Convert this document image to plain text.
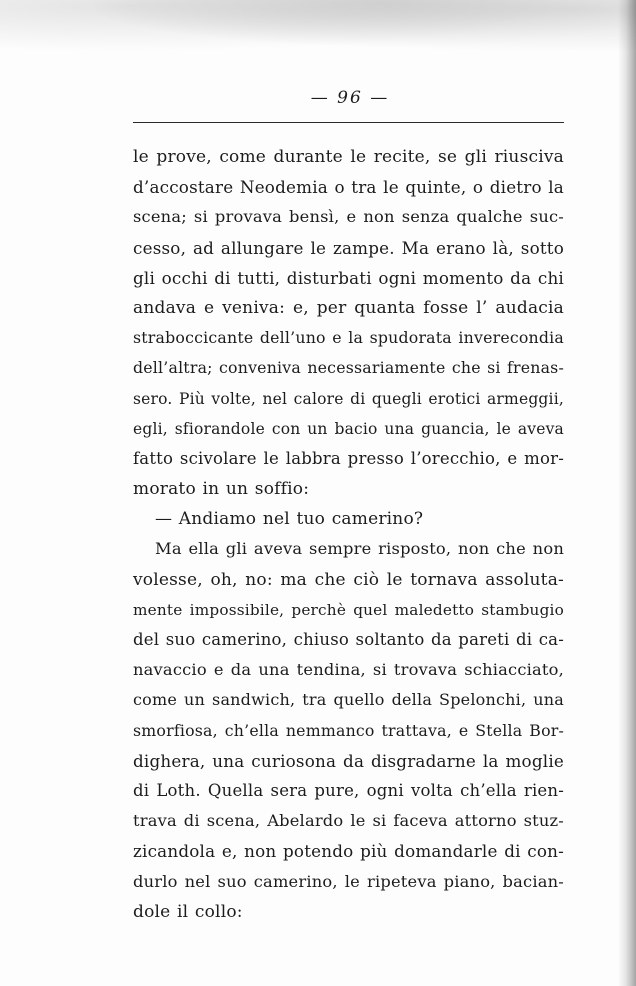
— 96 —
le prove, come durante le recite, se gli riusciva
d’accostare Neodemia o tra le quinte, o dietro la
scena; si provava bensì, e non senza qualche suc-
cesso, ad allungare le zampe. Ma erano là, sotto
gli occhi di tutti, disturbati ogni momento da chi
andava e veniva: e, per quanta fosse l’ audacia
straboccicante dell’uno e la spudorata inverecondia
dell’altra; conveniva necessariamente che si frenas-
sero. Più volte, nel calore di quegli erotici armeggii,
egli, sfiorandole con un bacio una guancia, le aveva
fatto scivolare le labbra presso l’orecchio, e mor-
morato in un soffio:
— Andiamo nel tuo camerino?
Ma ella gli aveva sempre risposto, non che non
volesse, oh, no: ma che ciò le tornava assoluta-
mente impossibile, perchè quel maledetto stambugio
del suo camerino, chiuso soltanto da pareti di ca-
navaccio e da una tendina, si trovava schiacciato,
come un sandwich, tra quello della Spelonchi, una
smorfiosa, ch’ella nemmanco trattava, e Stella Bor-
dighera, una curiosona da disgradarne la moglie
di Loth. Quella sera pure, ogni volta ch’ella rien-
trava di scena, Abelardo le si faceva attorno stuz-
zicandola e, non potendo più domandarle di con-
durlo nel suo camerino, le ripeteva piano, bacian-
dole il collo:
